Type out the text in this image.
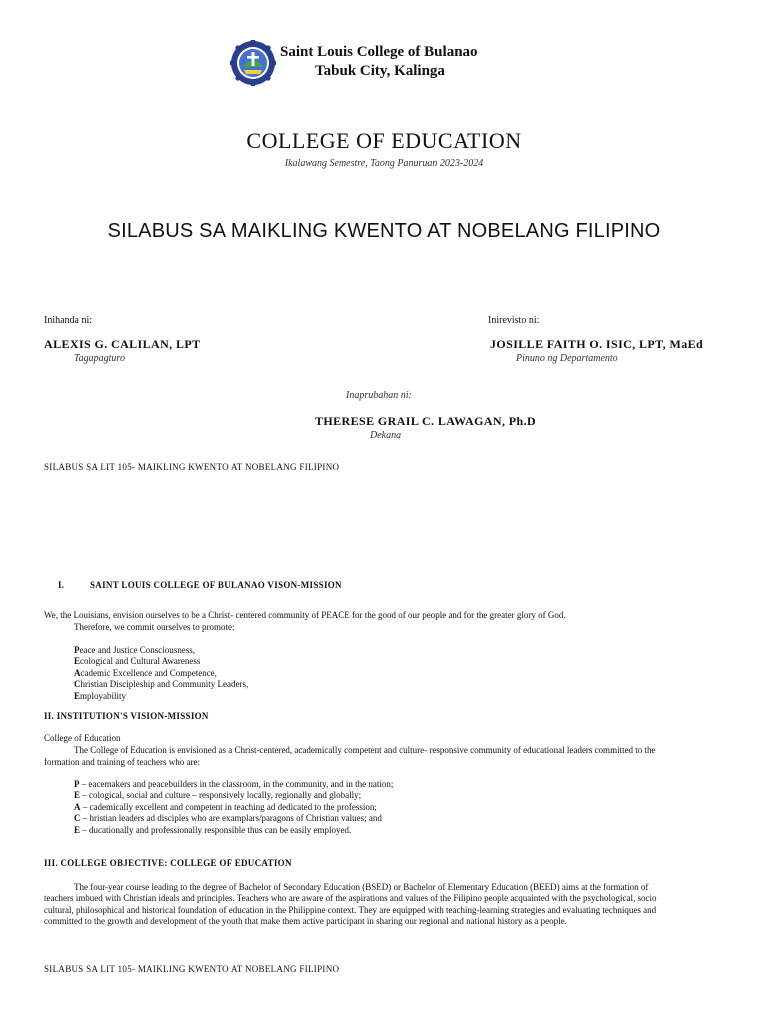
Saint Louis College of Bulanao
Tabuk City, Kalinga
COLLEGE OF EDUCATION
Ikalawang Semestre, Taong Panuruan 2023-2024
SILABUS SA MAIKLING KWENTO AT NOBELANG FILIPINO
Inihanda ni:
ALEXIS G. CALILAN, LPT
Tagapagturo
Inirevisto ni:
JOSILLE FAITH O. ISIC, LPT, MaEd
Pinuno ng Departamento
Inaprubahan ni:
THERESE GRAIL C. LAWAGAN, Ph.D
Dekana
SILABUS SA LIT 105- MAIKLING KWENTO AT NOBELANG FILIPINO
I.	SAINT LOUIS COLLEGE OF BULANAO VISON-MISSION
We, the Louisians, envision ourselves to be a Christ- centered community of PEACE for the good of our people and for the greater glory of God.
Therefore, we commit ourselves to promote:
Peace and Justice Consciousness,
Ecological and Cultural Awareness
Academic Excellence and Competence,
Christian Discipleship and Community Leaders,
Employability
II. INSTITUTION'S VISION-MISSION
College of Education
The College of Education is envisioned as a Christ-centered, academically competent and culture- responsive community of educational leaders committed to the
formation and training of teachers who are:
P – eacemakers and peacebuilders in the classroom, in the community, and in the nation;
E – cological, social and culture – responsively locally, regionally and globally;
A – cademically excellent and competent in teaching ad dedicated to the profession;
C – hristian leaders ad disciples who are examplars/paragons of Christian values; and
E – ducationally and professionally responsible thus can be easily employed.
III. COLLEGE OBJECTIVE: COLLEGE OF EDUCATION
The four-year course leading to the degree of Bachelor of Secondary Education (BSED) or Bachelor of Elementary Education (BEED) aims at the formation of
teachers imbued with Christian ideals and principles. Teachers who are aware of the aspirations and values of the Filipino people acquainted with the psychological, socio
cultural, philosophical and historical foundation of education in the Philippine context. They are equipped with teaching-learning strategies and evaluating techniques and
committed to the growth and development of the youth that make them active participant in sharing our regional and national history as a people.
SILABUS SA LIT 105- MAIKLING KWENTO AT NOBELANG FILIPINO
